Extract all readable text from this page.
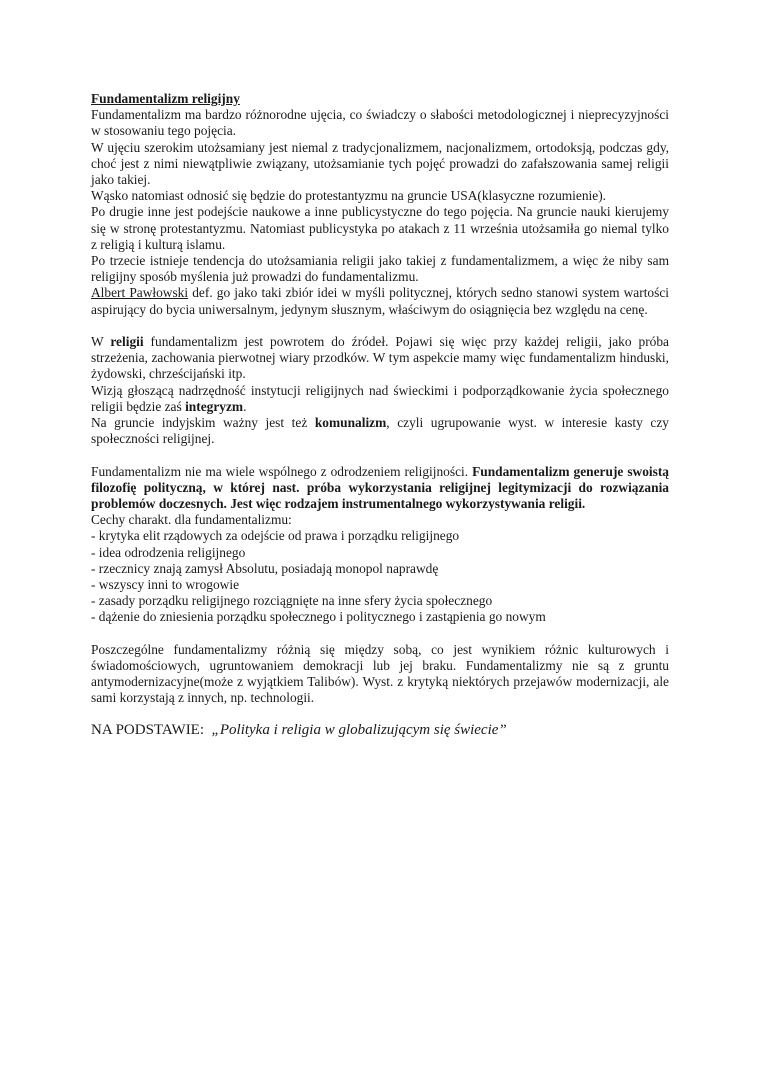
Fundamentalizm religijny

Fundamentalizm ma bardzo różnorodne ujęcia, co świadczy o słabości metodologicznej i nieprecyzyjności w stosowaniu tego pojęcia.

W ujęciu szerokim utożsamiany jest niemal z tradycjonalizmem, nacjonalizmem, ortodoksją, podczas gdy, choć jest z nimi niewątpliwie związany, utożsamianie tych pojęć prowadzi do zafałszowania samej religii jako takiej.

Wąsko natomiast odnosić się będzie do protestantyzmu na gruncie USA(klasyczne rozumienie).

Po drugie inne jest podejście naukowe a inne publicystyczne do tego pojęcia. Na gruncie nauki kierujemy się w stronę protestantyzmu. Natomiast publicystyka po atakach z 11 września utożsamiła go niemal tylko z religią i kulturą islamu.

Po trzecie istnieje tendencja do utożsamiania religii jako takiej z fundamentalizmem, a więc że niby sam religijny sposób myślenia już prowadzi do fundamentalizmu.

Albert Pawłowski def. go jako taki zbiór idei w myśli politycznej, których sedno stanowi system wartości aspirujący do bycia uniwersalnym, jedynym słusznym, właściwym do osiągnięcia bez względu na cenę.

W religii fundamentalizm jest powrotem do źródeł. Pojawi się więc przy każdej religii, jako próba strzeżenia, zachowania pierwotnej wiary przodków. W tym aspekcie mamy więc fundamentalizm hinduski, żydowski, chrześcijański itp.

Wizją głoszącą nadrzędność instytucji religijnych nad świeckimi i podporządkowanie życia społecznego religii będzie zaś integryzm.

Na gruncie indyjskim ważny jest też komunalizm, czyli ugrupowanie wyst. w interesie kasty czy społeczności religijnej.

Fundamentalizm nie ma wiele wspólnego z odrodzeniem religijności. Fundamentalizm generuje swoistą filozofię polityczną, w której nast. próba wykorzystania religijnej legitymizacji do rozwiązania problemów doczesnych. Jest więc rodzajem instrumentalnego wykorzystywania religii.

Cechy charakt. dla fundamentalizmu:

- krytyka elit rządowych za odejście od prawa i porządku religijnego
- idea odrodzenia religijnego
- rzecznicy znają zamysł Absolutu, posiadają monopol naprawdę
- wszyscy inni to wrogowie
- zasady porządku religijnego rozciągnięte na inne sfery życia społecznego
- dążenie do zniesienia porządku społecznego i politycznego i zastąpienia go nowym

Poszczególne fundamentalizmy różnią się między sobą, co jest wynikiem różnic kulturowych i świadomościowych, ugruntowaniem demokracji lub jej braku. Fundamentalizmy nie są z gruntu antymodernizacyjne(może z wyjątkiem Talibów). Wyst. z krytyką niektórych przejawów modernizacji, ale sami korzystają z innych, np. technologii.

NA PODSTAWIE: „Polityka i religia w globalizującym się świecie”
